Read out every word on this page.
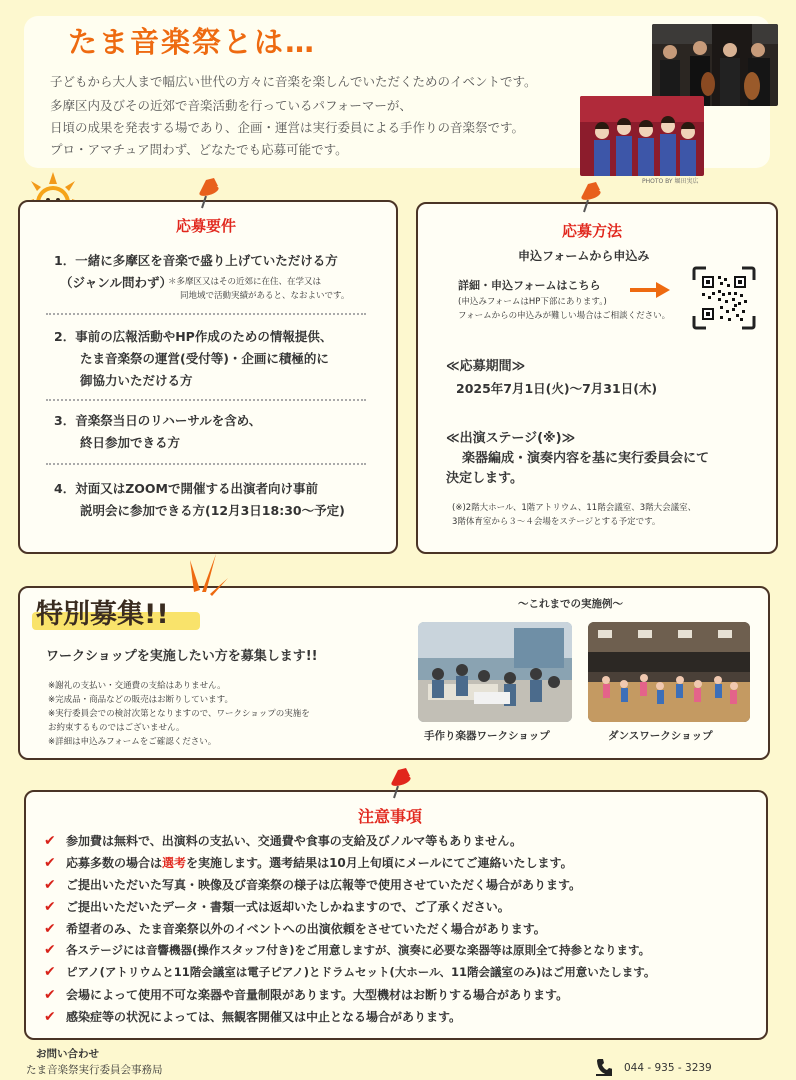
たま音楽祭とは…
子どもから大人まで幅広い世代の方々に音楽を楽しんでいただくためのイベントです。
多摩区内及びその近郊で音楽活動を行っているパフォーマーが、
日頃の成果を発表する場であり、企画・運営は実行委員による手作りの音楽祭です。
プロ・アマチュア問わず、どなたでも応募可能です。
PHOTO BY 堀田実広
応募要件
1．一緒に多摩区を音楽で盛り上げていただける方
（ジャンル問わず）
＊多摩区又はその近郊に在住、在学又は
同地域で活動実績があると、なおよいです。
2．事前の広報活動やHP作成のための情報提供、
たま音楽祭の運営(受付等)・企画に積極的に
御協力いただける方
3．音楽祭当日のリハーサルを含め、
終日参加できる方
4．対面又はZOOMで開催する出演者向け事前
説明会に参加できる方(12月3日18:30〜予定)
応募方法
申込フォームから申込み
詳細・申込フォームはこちら
(申込みフォームはHP下部にあります。)
フォームからの申込みが難しい場合はご相談ください。
≪応募期間≫
2025年7月1日(火)〜7月31日(木)
≪出演ステージ(※)≫
楽器編成・演奏内容を基に実行委員会にて
決定します。
(※)2階大ホール、1階アトリウム、11階会議室、3階大会議室、
3階体育室から３〜４会場をステージとする予定です。
特別募集!!
ワークショップを実施したい方を募集します!!
※謝礼の支払い・交通費の支給はありません。
※完成品・商品などの販売はお断りしています。
※実行委員会での検討次第となりますので、ワークショップの実施を
お約束するものではございません。
※詳細は申込みフォームをご確認ください。
〜これまでの実施例〜
手作り楽器ワークショップ	ダンスワークショップ
注意事項
✔ 参加費は無料で、出演料の支払い、交通費や食事の支給及びノルマ等もありません。
✔ 応募多数の場合は選考を実施します。選考結果は10月上旬頃にメールにてご連絡いたします。
✔ ご提出いただいた写真・映像及び音楽祭の様子は広報等で使用させていただく場合があります。
✔ ご提出いただいたデータ・書類一式は返却いたしかねますので、ご了承ください。
✔ 希望者のみ、たま音楽祭以外のイベントへの出演依頼をさせていただく場合があります。
✔ 各ステージには音響機器(操作スタッフ付き)をご用意しますが、演奏に必要な楽器等は原則全て持参となります。
✔ ピアノ(アトリウムと11階会議室は電子ピアノ)とドラムセット(大ホール、11階会議室のみ)はご用意いたします。
✔ 会場によって使用不可な楽器や音量制限があります。大型機材はお断りする場合があります。
✔ 感染症等の状況によっては、無観客開催又は中止となる場合があります。
お問い合わせ
たま音楽祭実行委員会事務局	044 - 935 - 3239
